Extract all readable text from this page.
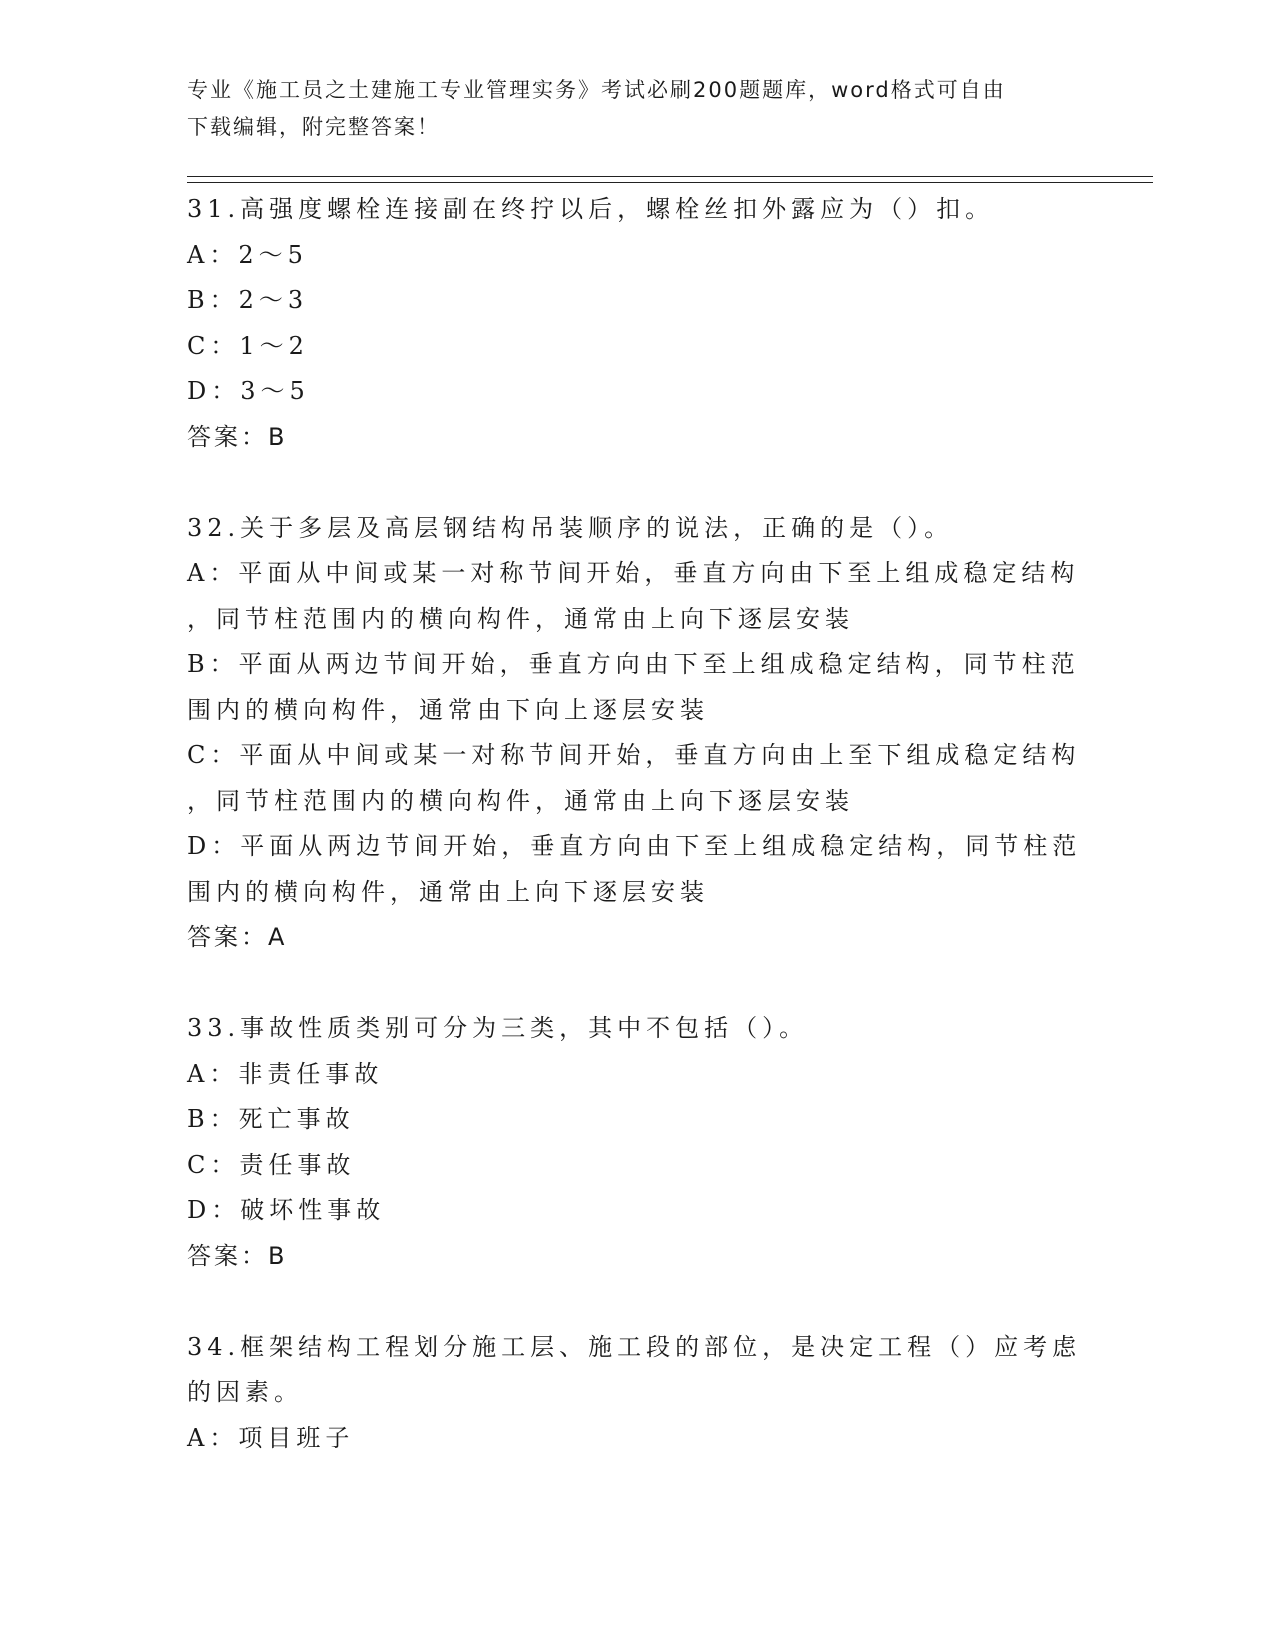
专业《施工员之土建施工专业管理实务》考试必刷200题题库，word格式可自由
下载编辑，附完整答案！
31.高强度螺栓连接副在终拧以后，螺栓丝扣外露应为（）扣。
A：2～5
B：2～3
C：1～2
D：3～5
答案：B
32.关于多层及高层钢结构吊装顺序的说法，正确的是（）。
A：平面从中间或某一对称节间开始，垂直方向由下至上组成稳定结构
，同节柱范围内的横向构件，通常由上向下逐层安装
B：平面从两边节间开始，垂直方向由下至上组成稳定结构，同节柱范
围内的横向构件，通常由下向上逐层安装
C：平面从中间或某一对称节间开始，垂直方向由上至下组成稳定结构
，同节柱范围内的横向构件，通常由上向下逐层安装
D：平面从两边节间开始，垂直方向由下至上组成稳定结构，同节柱范
围内的横向构件，通常由上向下逐层安装
答案：A
33.事故性质类别可分为三类，其中不包括（）。
A：非责任事故
B：死亡事故
C：责任事故
D：破坏性事故
答案：B
34.框架结构工程划分施工层、施工段的部位，是决定工程（）应考虑
的因素。
A：项目班子
